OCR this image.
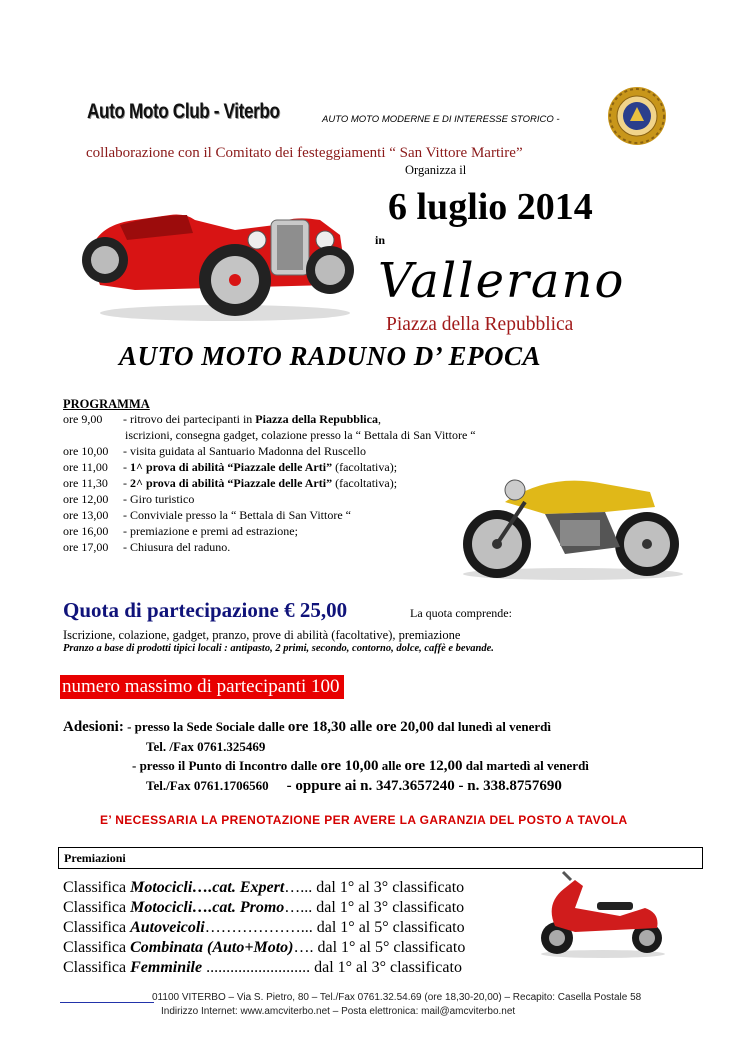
Auto Moto Club - Viterbo	AUTO MOTO MODERNE E DI INTERESSE STORICO -
collaborazione con il Comitato dei festeggiamenti “ San Vittore Martire”
Organizza il
6 luglio 2014
in
Vallerano
Piazza della Repubblica
AUTO MOTO RADUNO D’ EPOCA
PROGRAMMA
ore 9,00 - ritrovo dei partecipanti in Piazza della Repubblica,
iscrizioni, consegna gadget, colazione presso la “ Bettala di San Vittore “
ore 10,00 - visita guidata al Santuario Madonna del Ruscello
ore 11,00 - 1^ prova di abilità “Piazzale delle Arti” (facoltativa);
ore 11,30 - 2^ prova di abilità “Piazzale delle Arti” (facoltativa);
ore 12,00 - Giro turistico
ore 13,00 - Conviviale presso la “ Bettala di San Vittore “
ore 16,00 - premiazione e premi ad estrazione;
ore 17,00 - Chiusura del raduno.
Quota di partecipazione € 25,00	La quota comprende:
Iscrizione, colazione, gadget, pranzo, prove di abilità (facoltative), premiazione
Pranzo a base di prodotti tipici locali : antipasto, 2 primi, secondo, contorno, dolce, caffè e bevande.
numero massimo di partecipanti 100
Adesioni: - presso la Sede Sociale dalle ore 18,30 alle ore 20,00 dal lunedì al venerdì
Tel. /Fax 0761.325469
- presso il Punto di Incontro dalle ore 10,00 alle ore 12,00 dal martedì al venerdì
Tel./Fax 0761.1706560 - oppure ai n. 347.3657240 - n. 338.8757690
E’ NECESSARIA LA PRENOTAZIONE PER AVERE LA GARANZIA DEL POSTO A TAVOLA
Premiazioni
Classifica Motocicli….cat. Expert…... dal 1° al 3° classificato
Classifica Motocicli….cat. Promo…... dal 1° al 3° classificato
Classifica Autoveicoli………………... dal 1° al 5° classificato
Classifica Combinata (Auto+Moto)…. dal 1° al 5° classificato
Classifica Femminile .......................... dal 1° al 3° classificato
01100 VITERBO – Via S. Pietro, 80 – Tel./Fax 0761.32.54.69 (ore 18,30-20,00) – Recapito: Casella Postale 58
Indirizzo Internet: www.amcviterbo.net – Posta elettronica: mail@amcviterbo.net
